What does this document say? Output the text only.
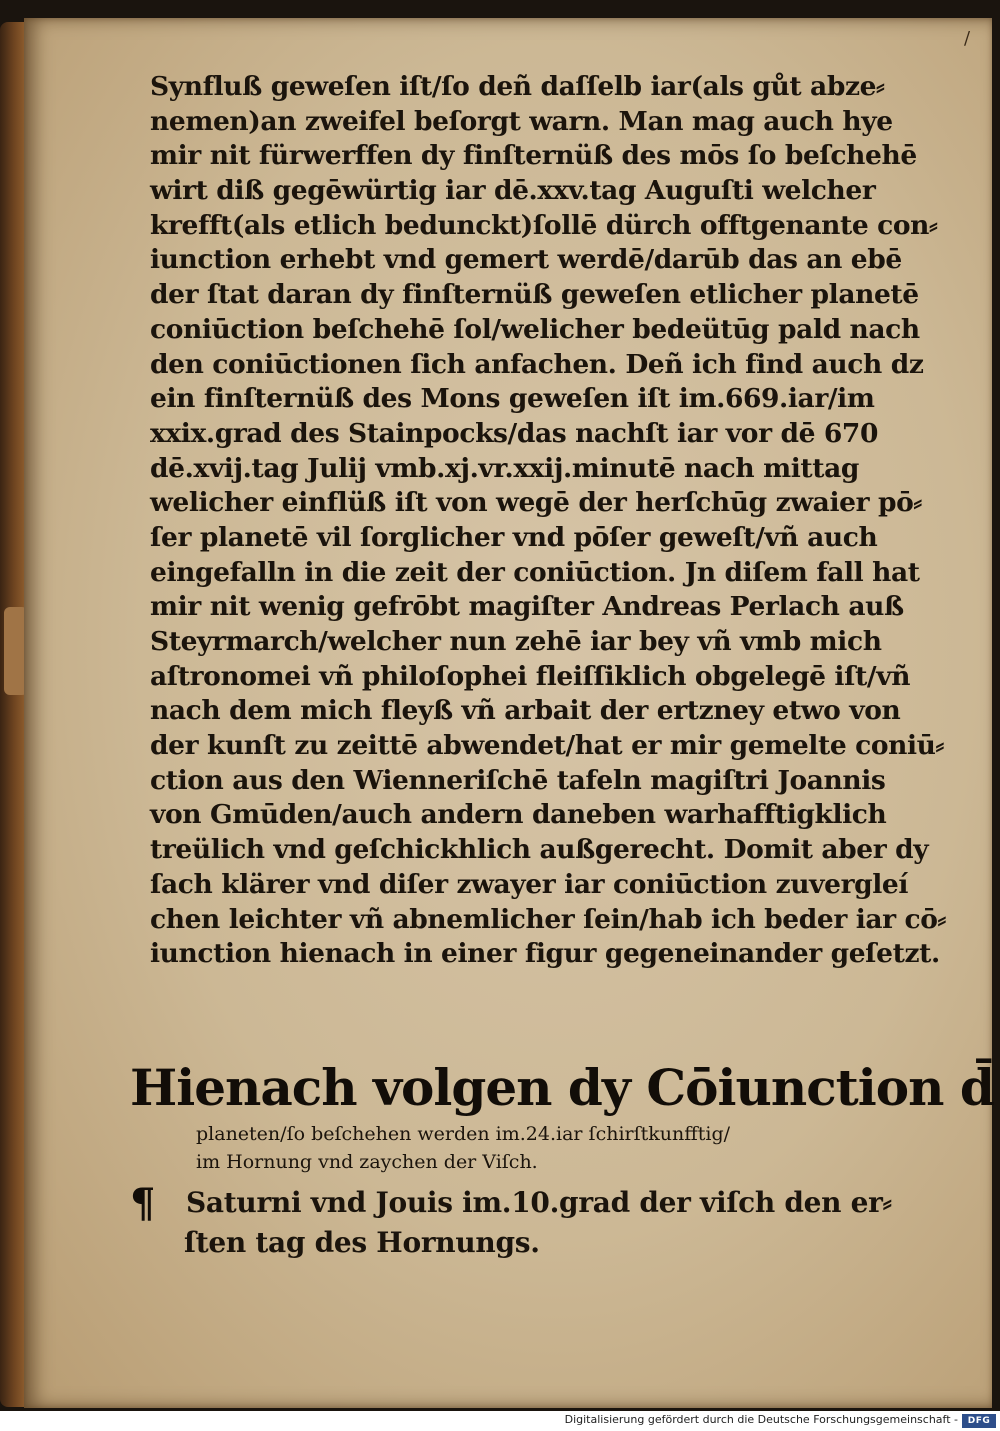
/
Synfluß geweſen iſt/ſo deñ daſſelb iar(als gůt abze⸗
nemen)an zweifel beſorgt warn. Man mag auch hye
mir nit fürwerffen dy finſternüß des mōs ſo beſchehē
wirt diß gegēwürtig iar dē.xxv.tag Auguſti welcher
krefft(als etlich bedunckt)ſollē dürch offtgenante con⸗
iunction erhebt vnd gemert werdē/darūb das an ebē
der ſtat daran dy finſternüß geweſen etlicher planetē
coniūction beſchehē ſol/welicher bedeütūg pald nach
den coniūctionen ſich anfachen. Deñ ich find auch dz
ein finſternüß des Mons geweſen iſt im.669.iar/im
xxix.grad des Stainpocks/das nachſt iar vor dē 670
dē.xvij.tag Julij vmb.xj.vr.xxij.minutē nach mittag
welicher einflüß iſt von wegē der herſchūg zwaier pō⸗
ſer planetē vil ſorglicher vnd pōſer geweſt/vñ auch
eingefalln in die zeit der coniūction. Jn diſem fall hat
mir nit wenig gefrōbt magiſter Andreas Perlach auß
Steyrmarch/welcher nun zehē iar bey vñ vmb mich
aſtronomei vñ philoſophei fleiſſiklich obgelegē iſt/vñ
nach dem mich fleyß vñ arbait der ertzney etwo von
der kunſt zu zeittē abwendet/hat er mir gemelte coniū⸗
ction aus den Wienneriſchē tafeln magiſtri Joannis
von Gmūden/auch andern daneben warhafftigklich
treülich vnd geſchickhlich außgerecht. Domit aber dy
ſach klärer vnd diſer zwayer iar coniūction zuvergleí
chen leichter vñ abnemlicher ſein/hab ich beder iar cō⸗
iunction hienach in einer figur gegeneinander geſetzt.
Hienach volgen dy Cōiunction d̄
planeten/ſo beſchehen werden im.24.iar ſchirſtkunfftig/
im Hornung vnd zaychen der Viſch.
¶ Saturni vnd Jouis im.10.grad der viſch den er⸗
ſten tag des Hornungs.
Digitalisierung gefördert durch die Deutsche Forschungsgemeinschaft -	DFG
